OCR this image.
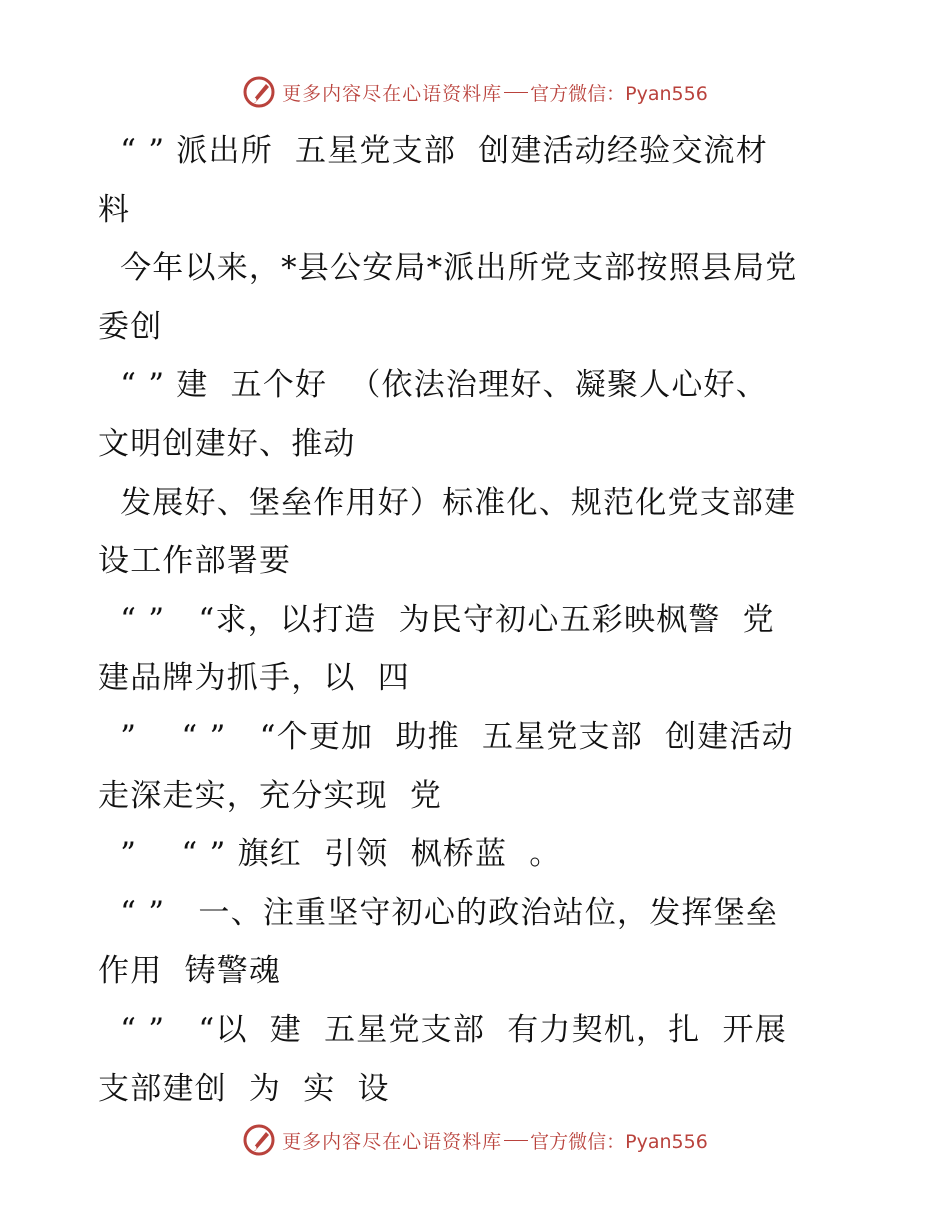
更多内容尽在心语资料库 官方微信：Pyan556
“ ” 派出所  五星党支部  创建活动经验交流材
料
今年以来，*县公安局*派出所党支部按照县局党
委创
“ ” 建  五个好  （依法治理好、凝聚人心好、
文明创建好、推动
发展好、堡垒作用好）标准化、规范化党支部建
设工作部署要
“ ”   “求，以打造  为民守初心五彩映枫警  党
建品牌为抓手，以  四
”    “ ”   “个更加  助推  五星党支部  创建活动
走深走实，充分实现  党
”    “ ” 旗红  引领  枫桥蓝  。
“ ”   一、注重坚守初心的政治站位，发挥堡垒
作用  铸警魂
“ ”   “以  建  五星党支部  有力契机，扎  开展
支部建创  为  实  设
更多内容尽在心语资料库 官方微信：Pyan556
